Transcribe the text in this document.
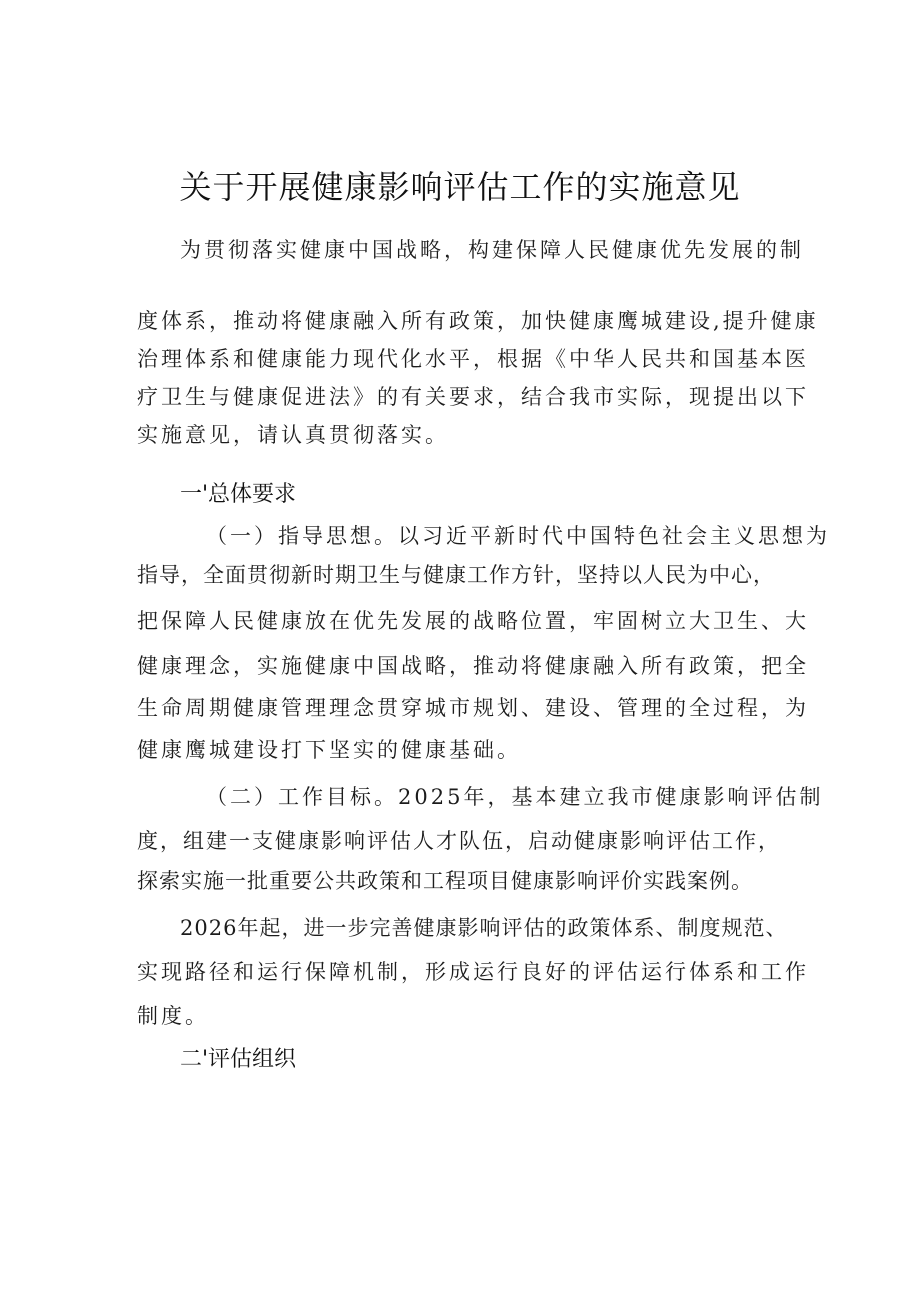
关于开展健康影响评估工作的实施意见
为贯彻落实健康中国战略，构建保障人民健康优先发展的制
度体系，推动将健康融入所有政策，加快健康鹰城建设,提升健康
治理体系和健康能力现代化水平，根据《中华人民共和国基本医
疗卫生与健康促进法》的有关要求，结合我市实际，现提出以下
实施意见，请认真贯彻落实。
一'总体要求
（一）指导思想。以习近平新时代中国特色社会主义思想为
指导，全面贯彻新时期卫生与健康工作方针，坚持以人民为中心，
把保障人民健康放在优先发展的战略位置，牢固树立大卫生、大
健康理念，实施健康中国战略，推动将健康融入所有政策，把全
生命周期健康管理理念贯穿城市规划、建设、管理的全过程，为
健康鹰城建设打下坚实的健康基础。
（二）工作目标。2025年，基本建立我市健康影响评估制
度，组建一支健康影响评估人才队伍，启动健康影响评估工作，
探索实施一批重要公共政策和工程项目健康影响评价实践案例。
2026年起，进一步完善健康影响评估的政策体系、制度规范、
实现路径和运行保障机制，形成运行良好的评估运行体系和工作
制度。
二'评估组织
